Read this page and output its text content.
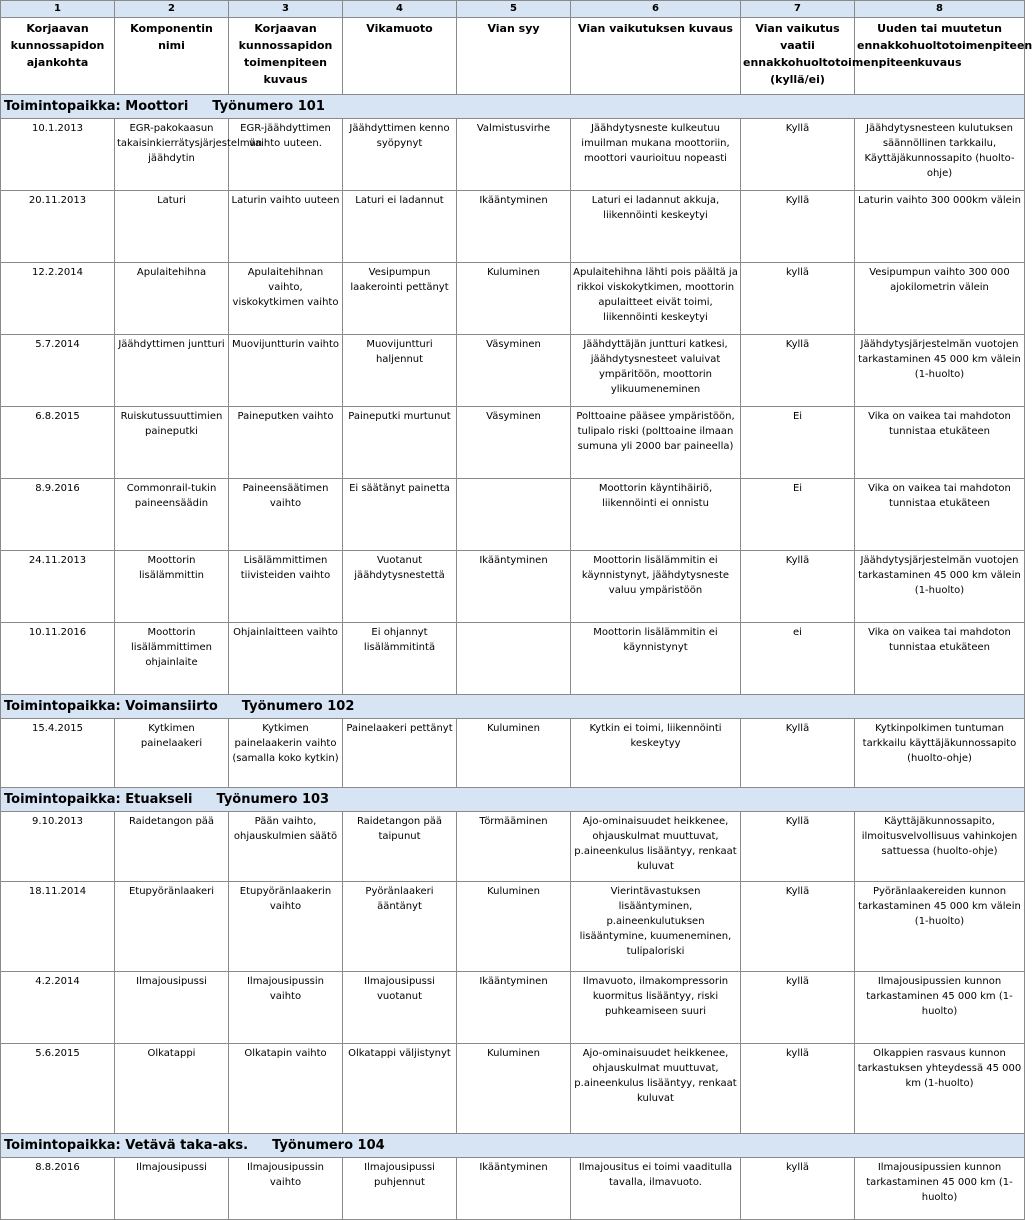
1	2	3	4	5	6	7	8
Korjaavan kunnossapidon ajankohta	Komponentin nimi	Korjaavan kunnossapidon toimenpiteen kuvaus	Vikamuoto	Vian syy	Vian vaikutuksen kuvaus	Vian vaikutus vaatii ennakkohuoltotoimenpiteen (kyllä/ei)	Uuden tai muutetun ennakkohuoltotoimenpiteen kuvaus
Toimintopaikka: Moottori Työnumero 101							
10.1.2013	EGR-pakokaasun takaisinkierrätysjärjestelmän jäähdytin	EGR-jäähdyttimen vaihto uuteen.	Jäähdyttimen kenno syöpynyt	Valmistusvirhe	Jäähdytysneste kulkeutuu imuilman mukana moottoriin, moottori vaurioituu nopeasti	Kyllä	Jäähdytysnesteen kulutuksen säännöllinen tarkkailu, Käyttäjäkunnossapito (huolto-ohje)
20.11.2013	Laturi	Laturin vaihto uuteen	Laturi ei ladannut	Ikääntyminen	Laturi ei ladannut akkuja, liikennöinti keskeytyi	Kyllä	Laturin vaihto 300 000km välein
12.2.2014	Apulaitehihna	Apulaitehihnan vaihto, viskokytkimen vaihto	Vesipumpun laakerointi pettänyt	Kuluminen	Apulaitehihna lähti pois päältä ja rikkoi viskokytkimen, moottorin apulaitteet eivät toimi, liikennöinti keskeytyi	kyllä	Vesipumpun vaihto 300 000 ajokilometrin välein
5.7.2014	Jäähdyttimen juntturi	Muovijuntturin vaihto	Muovijuntturi haljennut	Väsyminen	Jäähdyttäjän juntturi katkesi, jäähdytysnesteet valuivat ympäritöön, moottorin ylikuumeneminen	Kyllä	Jäähdytysjärjestelmän vuotojen tarkastaminen 45 000 km välein (1-huolto)
6.8.2015	Ruiskutussuuttimien paineputki	Paineputken vaihto	Paineputki murtunut	Väsyminen	Polttoaine pääsee ympäristöön, tulipalo riski (polttoaine ilmaan sumuna yli 2000 bar paineella)	Ei	Vika on vaikea tai mahdoton tunnistaa etukäteen
8.9.2016	Commonrail-tukin paineensäädin	Paineensäätimen vaihto	Ei säätänyt painetta		Moottorin käyntihäiriö, liikennöinti ei onnistu	Ei	Vika on vaikea tai mahdoton tunnistaa etukäteen
24.11.2013	Moottorin lisälämmittin	Lisälämmittimen tiivisteiden vaihto	Vuotanut jäähdytysnestettä	Ikääntyminen	Moottorin lisälämmitin ei käynnistynyt, jäähdytysneste valuu ympäristöön	Kyllä	Jäähdytysjärjestelmän vuotojen tarkastaminen 45 000 km välein (1-huolto)
10.11.2016	Moottorin lisälämmittimen ohjainlaite	Ohjainlaitteen vaihto	Ei ohjannyt lisälämmitintä		Moottorin lisälämmitin ei käynnistynyt	ei	Vika on vaikea tai mahdoton tunnistaa etukäteen
Toimintopaikka: Voimansiirto Työnumero 102							
15.4.2015	Kytkimen painelaakeri	Kytkimen painelaakerin vaihto (samalla koko kytkin)	Painelaakeri pettänyt	Kuluminen	Kytkin ei toimi, liikennöinti keskeytyy	Kyllä	Kytkinpolkimen tuntuman tarkkailu käyttäjäkunnossapito (huolto-ohje)
Toimintopaikka: Etuakseli Työnumero 103							
9.10.2013	Raidetangon pää	Pään vaihto, ohjauskulmien säätö	Raidetangon pää taipunut	Törmääminen	Ajo-ominaisuudet heikkenee, ohjauskulmat muuttuvat, p.aineenkulus lisääntyy, renkaat kuluvat	Kyllä	Käyttäjäkunnossapito, ilmoitusvelvollisuus vahinkojen sattuessa (huolto-ohje)
18.11.2014	Etupyöränlaakeri	Etupyöränlaakerin vaihto	Pyöränlaakeri ääntänyt	Kuluminen	Vierintävastuksen lisääntyminen, p.aineenkulutuksen lisääntymine, kuumeneminen, tulipaloriski	Kyllä	Pyöränlaakereiden kunnon tarkastaminen 45 000 km välein (1-huolto)
4.2.2014	Ilmajousipussi	Ilmajousipussin vaihto	Ilmajousipussi vuotanut	Ikääntyminen	Ilmavuoto, ilmakompressorin kuormitus lisääntyy, riski puhkeamiseen suuri	kyllä	Ilmajousipussien kunnon tarkastaminen 45 000 km (1-huolto)
5.6.2015	Olkatappi	Olkatapin vaihto	Olkatappi väljistynyt	Kuluminen	Ajo-ominaisuudet heikkenee, ohjauskulmat muuttuvat, p.aineenkulus lisääntyy, renkaat kuluvat	kyllä	Olkappien rasvaus kunnon tarkastuksen yhteydessä 45 000 km (1-huolto)
Toimintopaikka: Vetävä taka-aks. Työnumero 104							
8.8.2016	Ilmajousipussi	Ilmajousipussin vaihto	Ilmajousipussi puhjennut	Ikääntyminen	Ilmajousitus ei toimi vaaditulla tavalla, ilmavuoto.	kyllä	Ilmajousipussien kunnon tarkastaminen 45 000 km (1-huolto)
